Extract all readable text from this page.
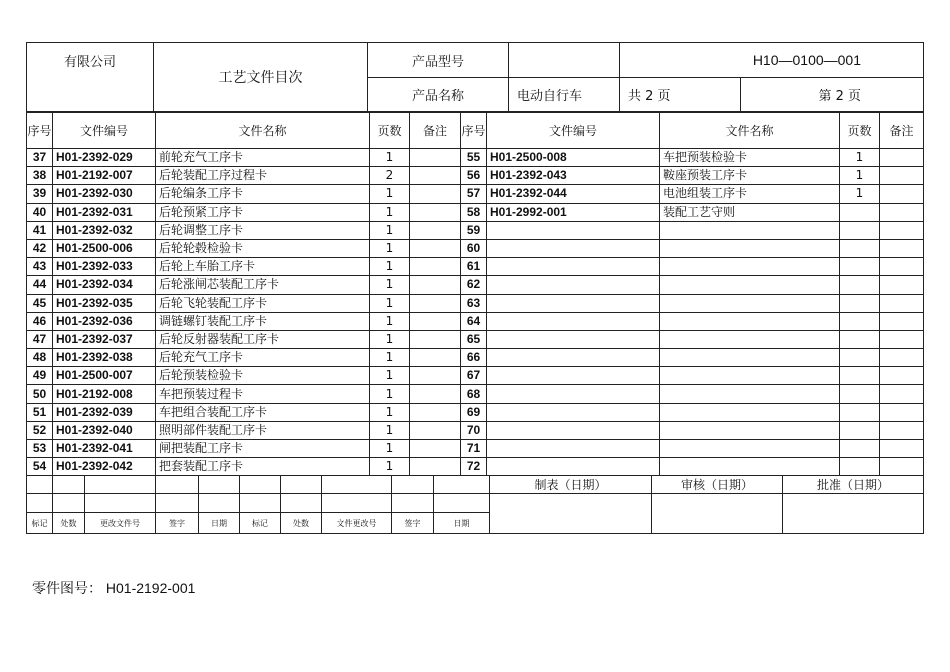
有限公司	工艺文件目次	产品型号		H10—0100—001	
		产品名称	电动自行车	共 2 页	第 2 页
序号	文件编号	文件名称	页数	备注	序号	文件编号	文件名称	页数	备注
37	H01-2392-029	前轮充气工序卡	1		55	H01-2500-008	车把预装检验卡	1	
38	H01-2192-007	后轮装配工序过程卡	2		56	H01-2392-043	鞍座预装工序卡	1	
39	H01-2392-030	后轮编条工序卡	1		57	H01-2392-044	电池组装工序卡	1	
40	H01-2392-031	后轮预紧工序卡	1		58	H01-2992-001	装配工艺守则		
41	H01-2392-032	后轮调整工序卡	1		59				
42	H01-2500-006	后轮轮毂检验卡	1		60				
43	H01-2392-033	后轮上车胎工序卡	1		61				
44	H01-2392-034	后轮涨闸芯装配工序卡	1		62				
45	H01-2392-035	后轮飞轮装配工序卡	1		63				
46	H01-2392-036	调链螺钉装配工序卡	1		64				
47	H01-2392-037	后轮反射器装配工序卡	1		65				
48	H01-2392-038	后轮充气工序卡	1		66				
49	H01-2500-007	后轮预装检验卡	1		67				
50	H01-2192-008	车把预装过程卡	1		68				
51	H01-2392-039	车把组合装配工序卡	1		69				
52	H01-2392-040	照明部件装配工序卡	1		70				
53	H01-2392-041	闸把装配工序卡	1		71				
54	H01-2392-042	把套装配工序卡	1		72				
										制表（日期）	审核（日期）	批准（日期）

标记	处数	更改文件号	签字	日期	标记	处数	文件更改号	签字	日期			
零件图号： H01-2192-001
